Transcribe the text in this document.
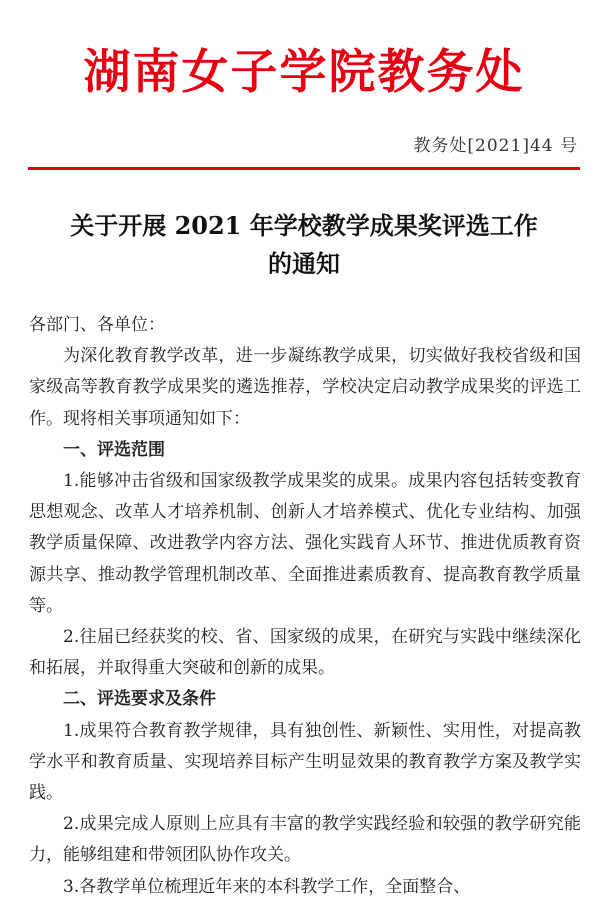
湖南女子学院教务处
教务处[2021]44 号
关于开展 2021 年学校教学成果奖评选工作
的通知

各部门、各单位：

为深化教育教学改革，进一步凝练教学成果，切实做好我校省级和国家级高等教育教学成果奖的遴选推荐，学校决定启动教学成果奖的评选工作。现将相关事项通知如下：

一、评选范围

1.能够冲击省级和国家级教学成果奖的成果。成果内容包括转变教育思想观念、改革人才培养机制、创新人才培养模式、优化专业结构、加强教学质量保障、改进教学内容方法、强化实践育人环节、推进优质教育资源共享、推动教学管理机制改革、全面推进素质教育、提高教育教学质量等。

2.往届已经获奖的校、省、国家级的成果，在研究与实践中继续深化和拓展，并取得重大突破和创新的成果。

二、评选要求及条件

1.成果符合教育教学规律，具有独创性、新颖性、实用性，对提高教学水平和教育质量、实现培养目标产生明显效果的教育教学方案及教学实践。

2.成果完成人原则上应具有丰富的教学实践经验和较强的教学研究能力，能够组建和带领团队协作攻关。

3.各教学单位梳理近年来的本科教学工作，全面整合、
